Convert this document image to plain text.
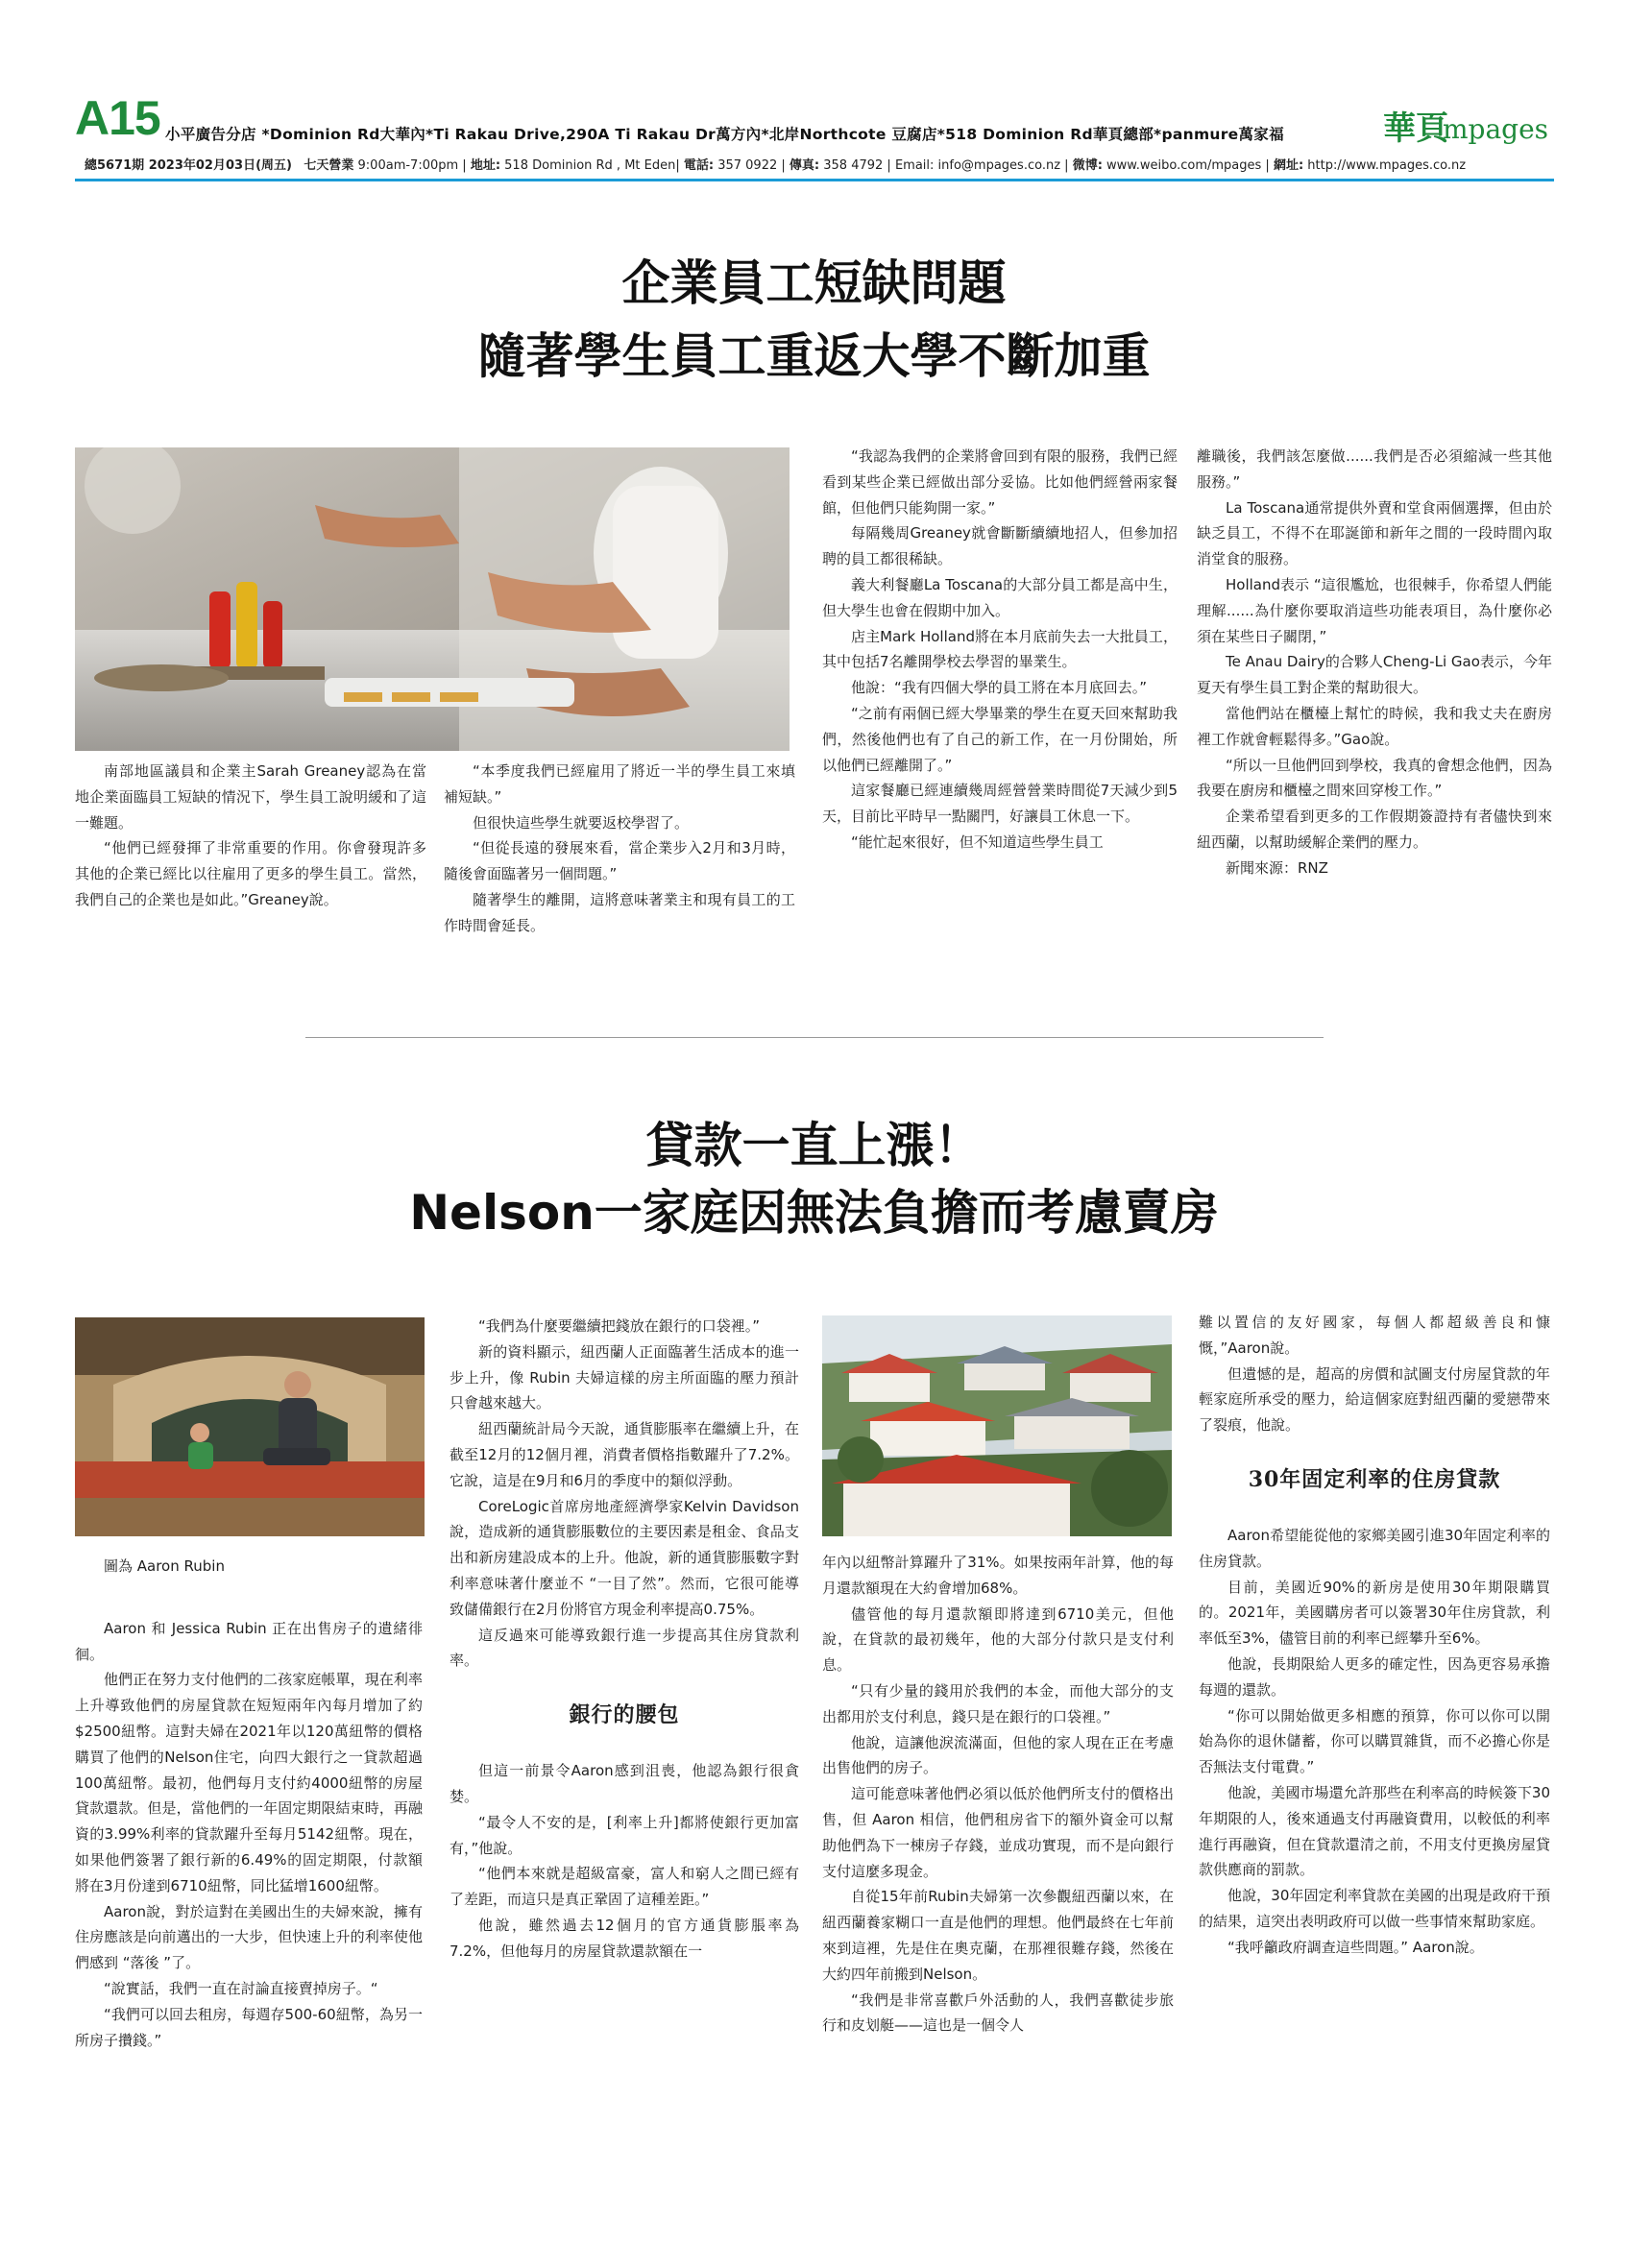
A15 小平廣告分店 *Dominion Rd大華內*Ti Rakau Drive,290A Ti Rakau Dr萬方內*北岸Northcote 豆腐店*518 Dominion Rd華頁總部*panmure萬家福
總5671期 2023年02月03日(周五) 七天營業 9:00am-7:00pm | 地址: 518 Dominion Rd , Mt Eden| 電話: 357 0922 | 傳真: 358 4792 | Email: info@mpages.co.nz | 微博: www.weibo.com/mpages | 網址: http://www.mpages.co.nz
華頁
mpages
企業員工短缺問題
隨著學生員工重返大學不斷加重

南部地區議員和企業主Sarah Greaney認為在當地企業面臨員工短缺的情況下，學生員工說明緩和了這一難題。

“他們已經發揮了非常重要的作用。你會發現許多其他的企業已經比以往雇用了更多的學生員工。當然，我們自己的企業也是如此。”Greaney說。

“本季度我們已經雇用了將近一半的學生員工來填補短缺。”

但很快這些學生就要返校學習了。

“但從長遠的發展來看，當企業步入2月和3月時，隨後會面臨著另一個問題。”

隨著學生的離開，這將意味著業主和現有員工的工作時間會延長。

“我認為我們的企業將會回到有限的服務，我們已經看到某些企業已經做出部分妥協。比如他們經營兩家餐館，但他們只能夠開一家。”

每隔幾周Greaney就會斷斷續續地招人，但參加招聘的員工都很稀缺。

義大利餐廳La Toscana的大部分員工都是高中生，但大學生也會在假期中加入。

店主Mark Holland將在本月底前失去一大批員工，其中包括7名離開學校去學習的畢業生。

他說：“我有四個大學的員工將在本月底回去。”

“之前有兩個已經大學畢業的學生在夏天回來幫助我們，然後他們也有了自己的新工作，在一月份開始，所以他們已經離開了。”

這家餐廳已經連續幾周經營營業時間從7天減少到5天，目前比平時早一點關門，好讓員工休息一下。

“能忙起來很好，但不知道這些學生員工

離職後，我們該怎麼做......我們是否必須縮減一些其他服務。”

La Toscana通常提供外賣和堂食兩個選擇，但由於缺乏員工，不得不在耶誕節和新年之間的一段時間內取消堂食的服務。

Holland表示 “這很尷尬，也很棘手，你希望人們能理解......為什麼你要取消這些功能表項目，為什麼你必須在某些日子關閉，”

Te Anau Dairy的合夥人Cheng-Li Gao表示，今年夏天有學生員工對企業的幫助很大。

當他們站在櫃檯上幫忙的時候，我和我丈夫在廚房裡工作就會輕鬆得多。”Gao說。

“所以一旦他們回到學校，我真的會想念他們，因為我要在廚房和櫃檯之間來回穿梭工作。”

企業希望看到更多的工作假期簽證持有者儘快到來紐西蘭，以幫助緩解企業們的壓力。

新聞來源：RNZ

貸款一直上漲！
Nelson一家庭因無法負擔而考慮賣房

圖為 Aaron Rubin

Aaron 和 Jessica Rubin 正在出售房子的遺緒徘徊。

他們正在努力支付他們的二孩家庭帳單，現在利率上升導致他們的房屋貸款在短短兩年內每月增加了約$2500紐幣。這對夫婦在2021年以120萬紐幣的價格購買了他們的Nelson住宅，向四大銀行之一貸款超過100萬紐幣。最初，他們每月支付約4000紐幣的房屋貸款還款。但是，當他們的一年固定期限結束時，再融資的3.99%利率的貸款躍升至每月5142紐幣。現在，如果他們簽署了銀行新的6.49%的固定期限，付款額將在3月份達到6710紐幣，同比猛增1600紐幣。

Aaron說，對於這對在美國出生的夫婦來說，擁有住房應該是向前邁出的一大步，但快速上升的利率使他們感到 “落後 ”了。

“說實話，我們一直在討論直接賣掉房子。“

“我們可以回去租房，每週存500-60紐幣，為另一所房子攢錢。”

“我們為什麼要繼續把錢放在銀行的口袋裡。”

新的資料顯示，紐西蘭人正面臨著生活成本的進一步上升，像 Rubin 夫婦這樣的房主所面臨的壓力預計只會越來越大。

紐西蘭統計局今天說，通貨膨脹率在繼續上升，在截至12月的12個月裡，消費者價格指數躍升了7.2%。它說，這是在9月和6月的季度中的類似浮動。

CoreLogic首席房地產經濟學家Kelvin Davidson說，造成新的通貨膨脹數位的主要因素是租金、食品支出和新房建設成本的上升。他說，新的通貨膨脹數字對利率意味著什麼並不 “一目了然”。然而，它很可能導致儲備銀行在2月份將官方現金利率提高0.75%。

這反過來可能導致銀行進一步提高其住房貸款利率。

銀行的腰包

但這一前景令Aaron感到沮喪，他認為銀行很貪婪。

“最令人不安的是，[利率上升]都將使銀行更加富有，”他說。

“他們本來就是超級富豪，富人和窮人之間已經有了差距，而這只是真正鞏固了這種差距。”

他說，雖然過去12個月的官方通貨膨脹率為7.2%，但他每月的房屋貸款還款額在一

年內以紐幣計算躍升了31%。如果按兩年計算，他的每月還款額現在大約會增加68%。

儘管他的每月還款額即將達到6710美元，但他說，在貸款的最初幾年，他的大部分付款只是支付利息。

“只有少量的錢用於我們的本金，而他大部分的支出都用於支付利息，錢只是在銀行的口袋裡。”

他說，這讓他淚流滿面，但他的家人現在正在考慮出售他們的房子。

這可能意味著他們必須以低於他們所支付的價格出售，但 Aaron 相信，他們租房省下的額外資金可以幫助他們為下一棟房子存錢，並成功實現，而不是向銀行支付這麼多現金。

自從15年前Rubin夫婦第一次參觀紐西蘭以來，在紐西蘭養家糊口一直是他們的理想。他們最終在七年前來到這裡，先是住在奧克蘭，在那裡很難存錢，然後在大約四年前搬到Nelson。

“我們是非常喜歡戶外活動的人，我們喜歡徒步旅行和皮划艇——這也是一個令人

難以置信的友好國家，每個人都超級善良和慷慨，”Aaron說。

但遺憾的是，超高的房價和試圖支付房屋貸款的年輕家庭所承受的壓力，給這個家庭對紐西蘭的愛戀帶來了裂痕，他說。

30年固定利率的住房貸款

Aaron希望能從他的家鄉美國引進30年固定利率的住房貸款。

目前，美國近90%的新房是使用30年期限購買的。2021年，美國購房者可以簽署30年住房貸款，利率低至3%，儘管目前的利率已經攀升至6%。

他說，長期限給人更多的確定性，因為更容易承擔每週的還款。

“你可以開始做更多相應的預算，你可以你可以開始為你的退休儲蓄，你可以購買雜貨，而不必擔心你是否無法支付電費。”

他說，美國市場還允許那些在利率高的時候簽下30年期限的人，後來通過支付再融資費用，以較低的利率進行再融資，但在貸款還清之前，不用支付更換房屋貸款供應商的罰款。

他說，30年固定利率貸款在美國的出現是政府干預的結果，這突出表明政府可以做一些事情來幫助家庭。

“我呼籲政府調查這些問題。” Aaron說。
